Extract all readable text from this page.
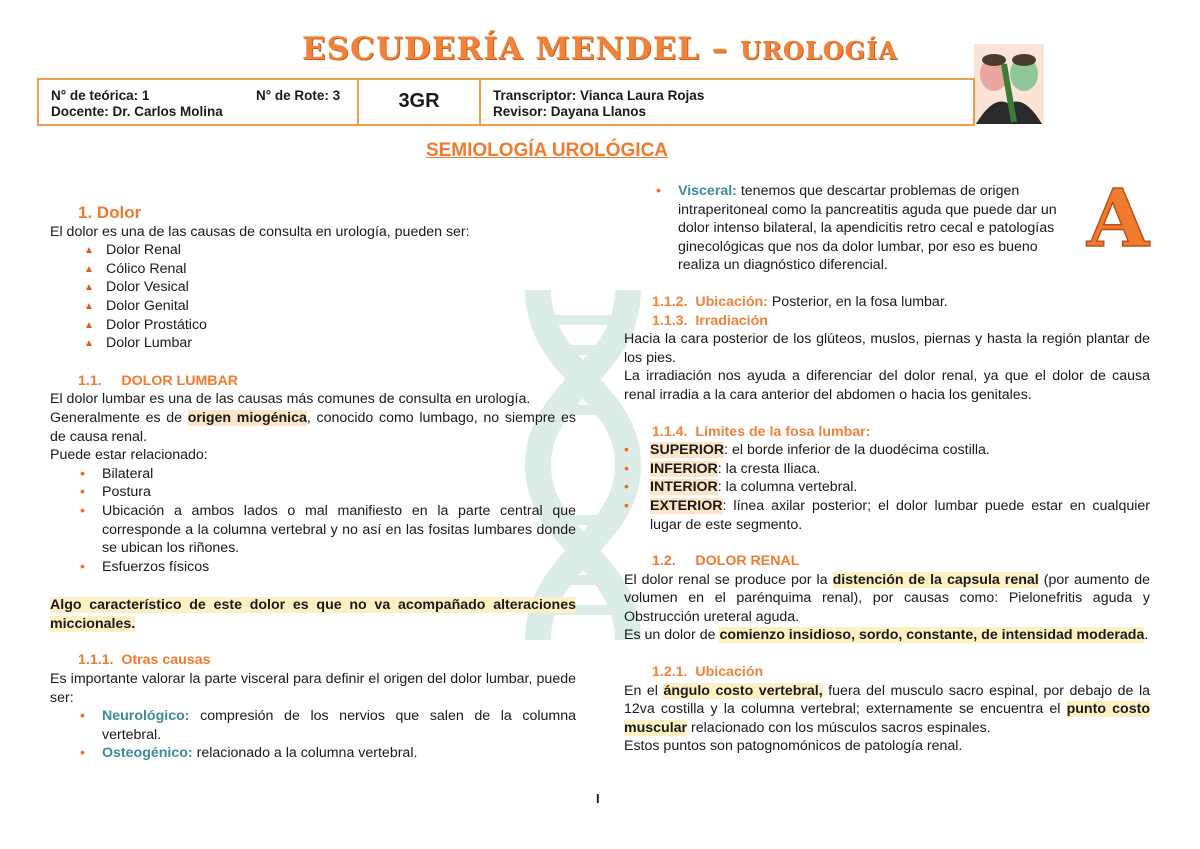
ESCUDERÍA MENDEL – UROLOGÍA
N° de teórica: 1	N° de Rote: 3
Docente: Dr. Carlos Molina	3GR	Transcriptor: Vianca Laura Rojas
Revisor: Dayana Llanos
SEMIOLOGÍA UROLÓGICA
A
1. Dolor
El dolor es una de las causas de consulta en urología, pueden ser:
▲ Dolor Renal
▲ Cólico Renal
▲ Dolor Vesical
▲ Dolor Genital
▲ Dolor Prostático
▲ Dolor Lumbar
1.1.     DOLOR LUMBAR
El dolor lumbar es una de las causas más comunes de consulta en urología.
Generalmente es de origen miogénica, conocido como lumbago, no siempre es de causa renal.
Puede estar relacionado:
• Bilateral
• Postura
• Ubicación a ambos lados o mal manifiesto en la parte central que corresponde a la columna vertebral y no así en las fositas lumbares donde se ubican los riñones.
• Esfuerzos físicos
Algo característico de este dolor es que no va acompañado alteraciones miccionales.
1.1.1.  Otras causas
Es importante valorar la parte visceral para definir el origen del dolor lumbar, puede ser:
• Neurológico: compresión de los nervios que salen de la columna vertebral.
• Osteogénico: relacionado a la columna vertebral.
• Visceral: tenemos que descartar problemas de origen intraperitoneal como la pancreatitis aguda que puede dar un dolor intenso bilateral, la apendicitis retro cecal e patologías ginecológicas que nos da dolor lumbar, por eso es bueno realiza un diagnóstico diferencial.
1.1.2.  Ubicación: Posterior, en la fosa lumbar.
1.1.3.  Irradiación
Hacia la cara posterior de los glúteos, muslos, piernas y hasta la región plantar de los pies.
La irradiación nos ayuda a diferenciar del dolor renal, ya que el dolor de causa renal irradia a la cara anterior del abdomen o hacia los genitales.
1.1.4.  Límites de la fosa lumbar:
• SUPERIOR: el borde inferior de la duodécima costilla.
• INFERIOR: la cresta Iliaca.
• INTERIOR: la columna vertebral.
• EXTERIOR: línea axilar posterior; el dolor lumbar puede estar en cualquier lugar de este segmento.
1.2.     DOLOR RENAL
El dolor renal se produce por la distención de la capsula renal (por aumento de volumen en el parénquima renal), por causas como: Pielonefritis aguda y Obstrucción ureteral aguda.
Es un dolor de comienzo insidioso, sordo, constante, de intensidad moderada.
1.2.1.  Ubicación
En el ángulo costo vertebral, fuera del musculo sacro espinal, por debajo de la 12va costilla y la columna vertebral; externamente se encuentra el punto costo muscular relacionado con los músculos sacros espinales.
Estos puntos son patognomónicos de patología renal.
I
